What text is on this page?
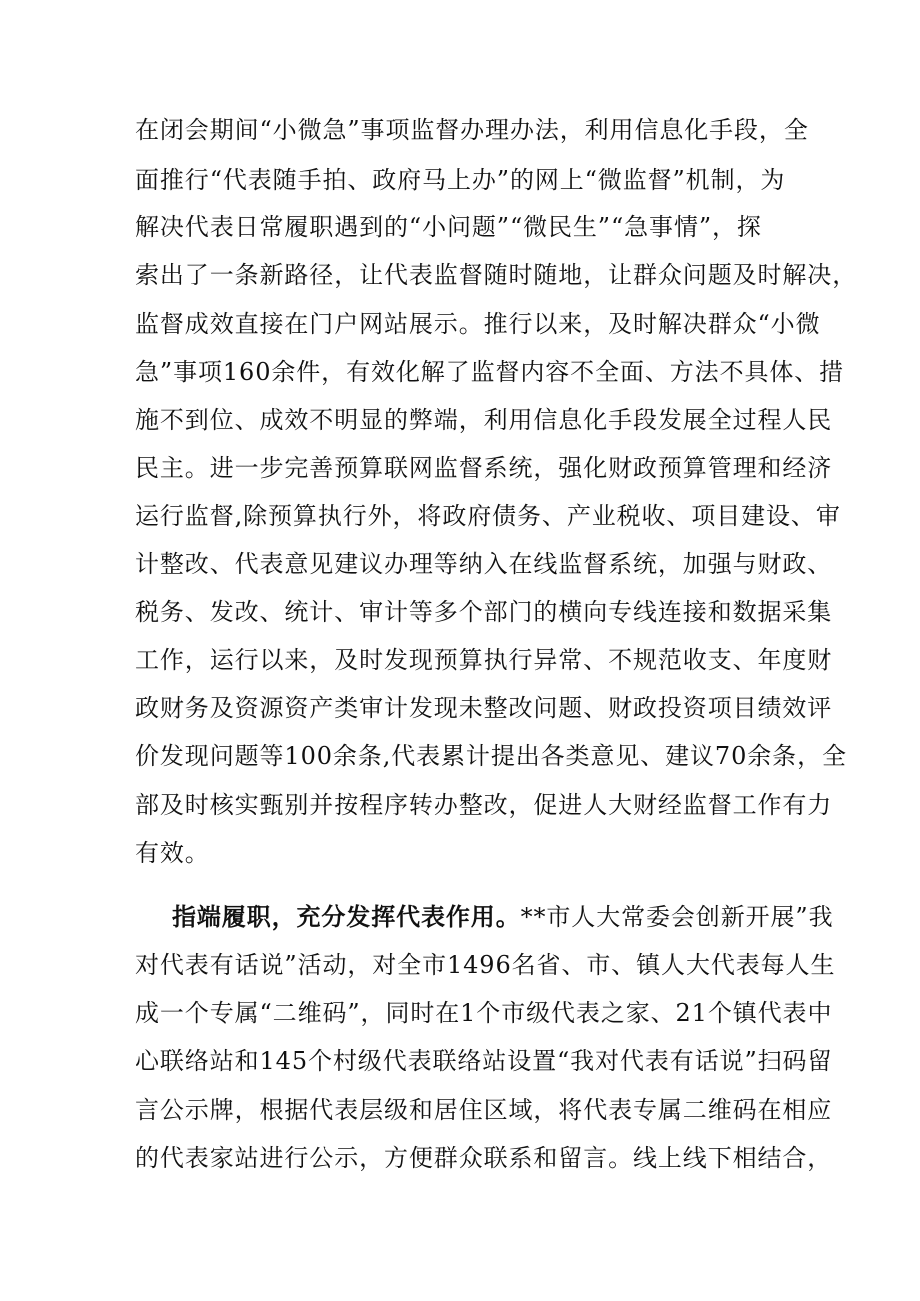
在闭会期间“小微急”事项监督办理办法，利用信息化手段，全
面推行“代表随手拍、政府马上办”的网上“微监督”机制，为
解决代表日常履职遇到的“小问题”“微民生”“急事情”，探
索出了一条新路径，让代表监督随时随地，让群众问题及时解决，
监督成效直接在门户网站展示。推行以来，及时解决群众“小微
急”事项160余件，有效化解了监督内容不全面、方法不具体、措
施不到位、成效不明显的弊端，利用信息化手段发展全过程人民
民主。进一步完善预算联网监督系统，强化财政预算管理和经济
运行监督,除预算执行外，将政府债务、产业税收、项目建设、审
计整改、代表意见建议办理等纳入在线监督系统，加强与财政、
税务、发改、统计、审计等多个部门的横向专线连接和数据采集
工作，运行以来，及时发现预算执行异常、不规范收支、年度财
政财务及资源资产类审计发现未整改问题、财政投资项目绩效评
价发现问题等100余条,代表累计提出各类意见、建议70余条，全
部及时核实甄别并按程序转办整改，促进人大财经监督工作有力
有效。
指端履职，充分发挥代表作用。**市人大常委会创新开展”我
对代表有话说”活动，对全市1496名省、市、镇人大代表每人生
成一个专属“二维码”，同时在1个市级代表之家、21个镇代表中
心联络站和145个村级代表联络站设置“我对代表有话说”扫码留
言公示牌，根据代表层级和居住区域，将代表专属二维码在相应
的代表家站进行公示，方便群众联系和留言。线上线下相结合，
